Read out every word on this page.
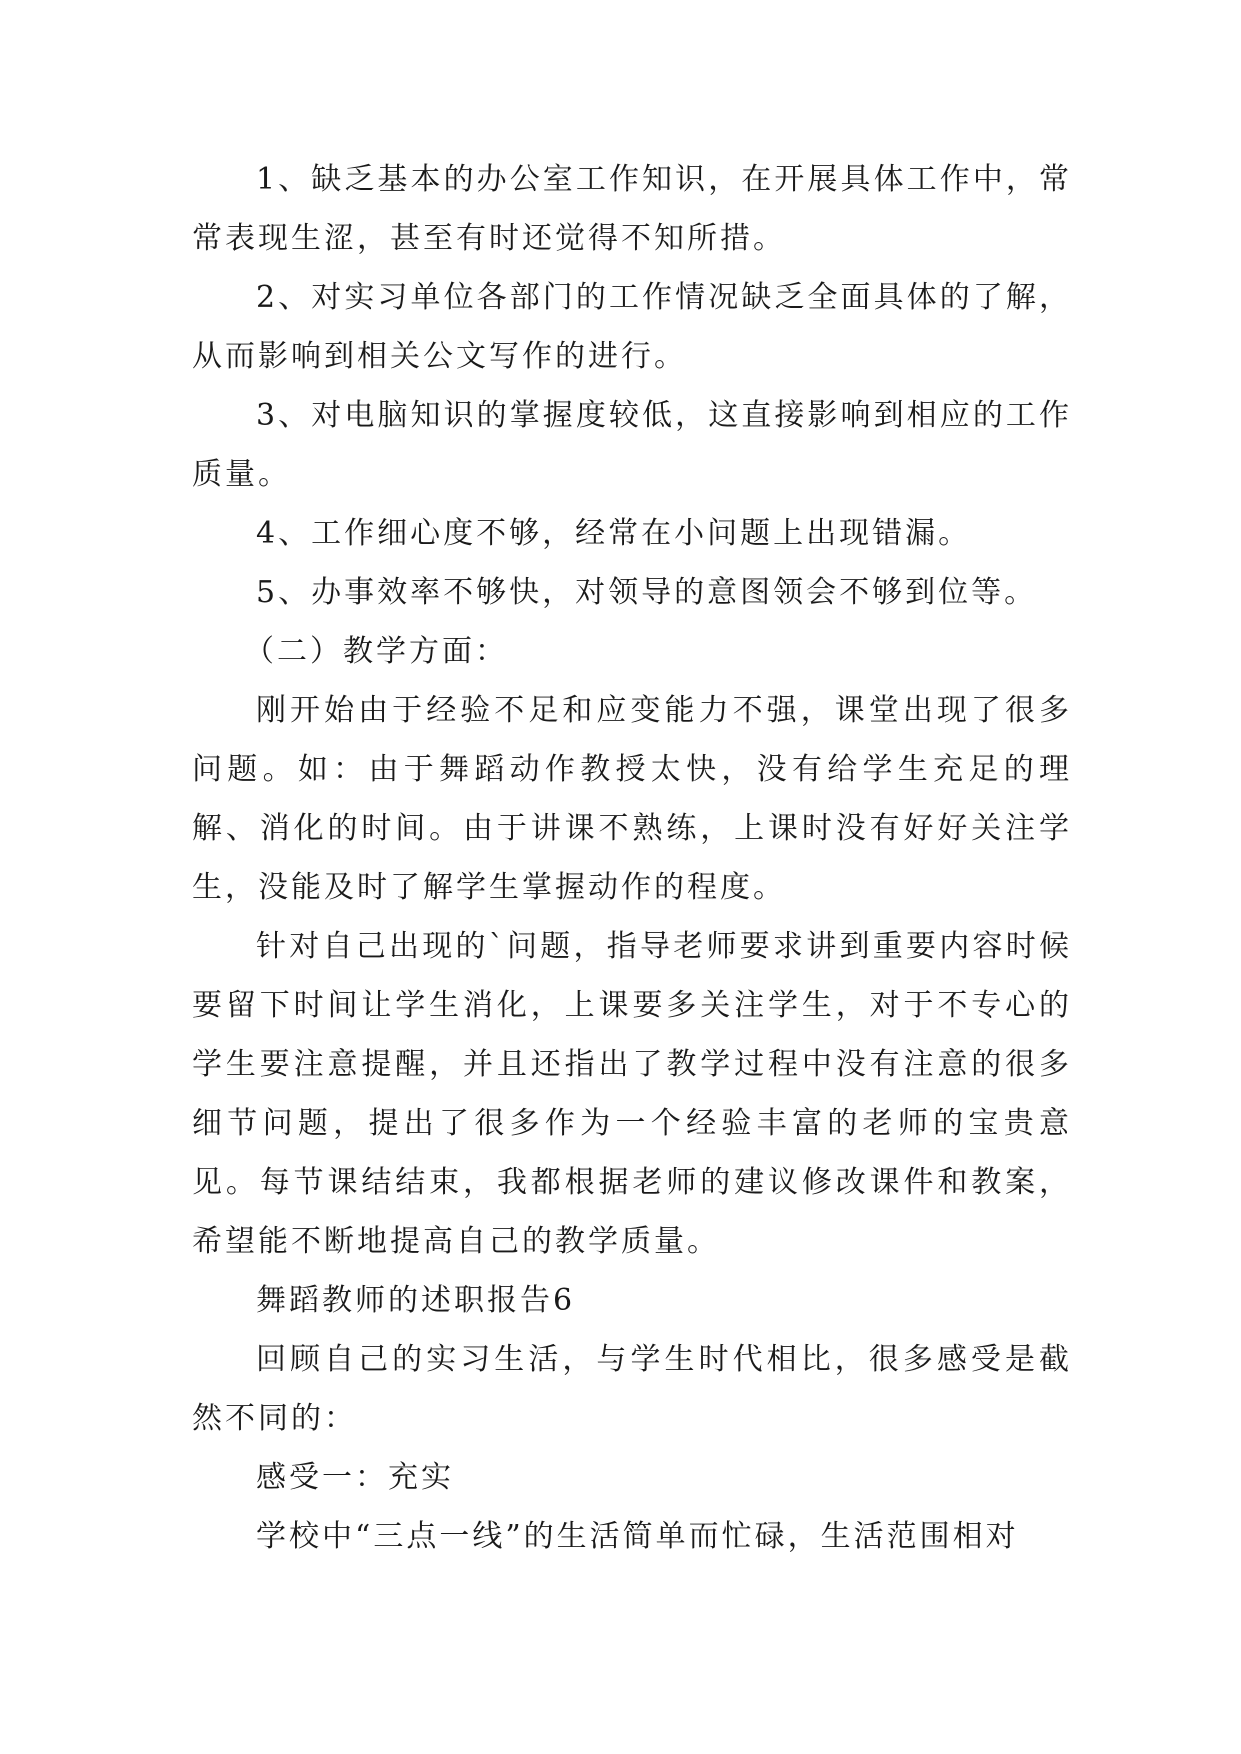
1、缺乏基本的办公室工作知识，在开展具体工作中，常常表现生涩，甚至有时还觉得不知所措。

2、对实习单位各部门的工作情况缺乏全面具体的了解，从而影响到相关公文写作的进行。

3、对电脑知识的掌握度较低，这直接影响到相应的工作质量。

4、工作细心度不够，经常在小问题上出现错漏。

5、办事效率不够快，对领导的意图领会不够到位等。

（二）教学方面：

刚开始由于经验不足和应变能力不强，课堂出现了很多问题。如：由于舞蹈动作教授太快，没有给学生充足的理解、消化的时间。由于讲课不熟练，上课时没有好好关注学生，没能及时了解学生掌握动作的程度。

针对自己出现的`问题，指导老师要求讲到重要内容时候要留下时间让学生消化，上课要多关注学生，对于不专心的学生要注意提醒，并且还指出了教学过程中没有注意的很多细节问题，提出了很多作为一个经验丰富的老师的宝贵意见。每节课结结束，我都根据老师的建议修改课件和教案，希望能不断地提高自己的教学质量。

舞蹈教师的述职报告6

回顾自己的实习生活，与学生时代相比，很多感受是截然不同的：

感受一：充实

学校中“三点一线”的生活简单而忙碌，生活范围相对
